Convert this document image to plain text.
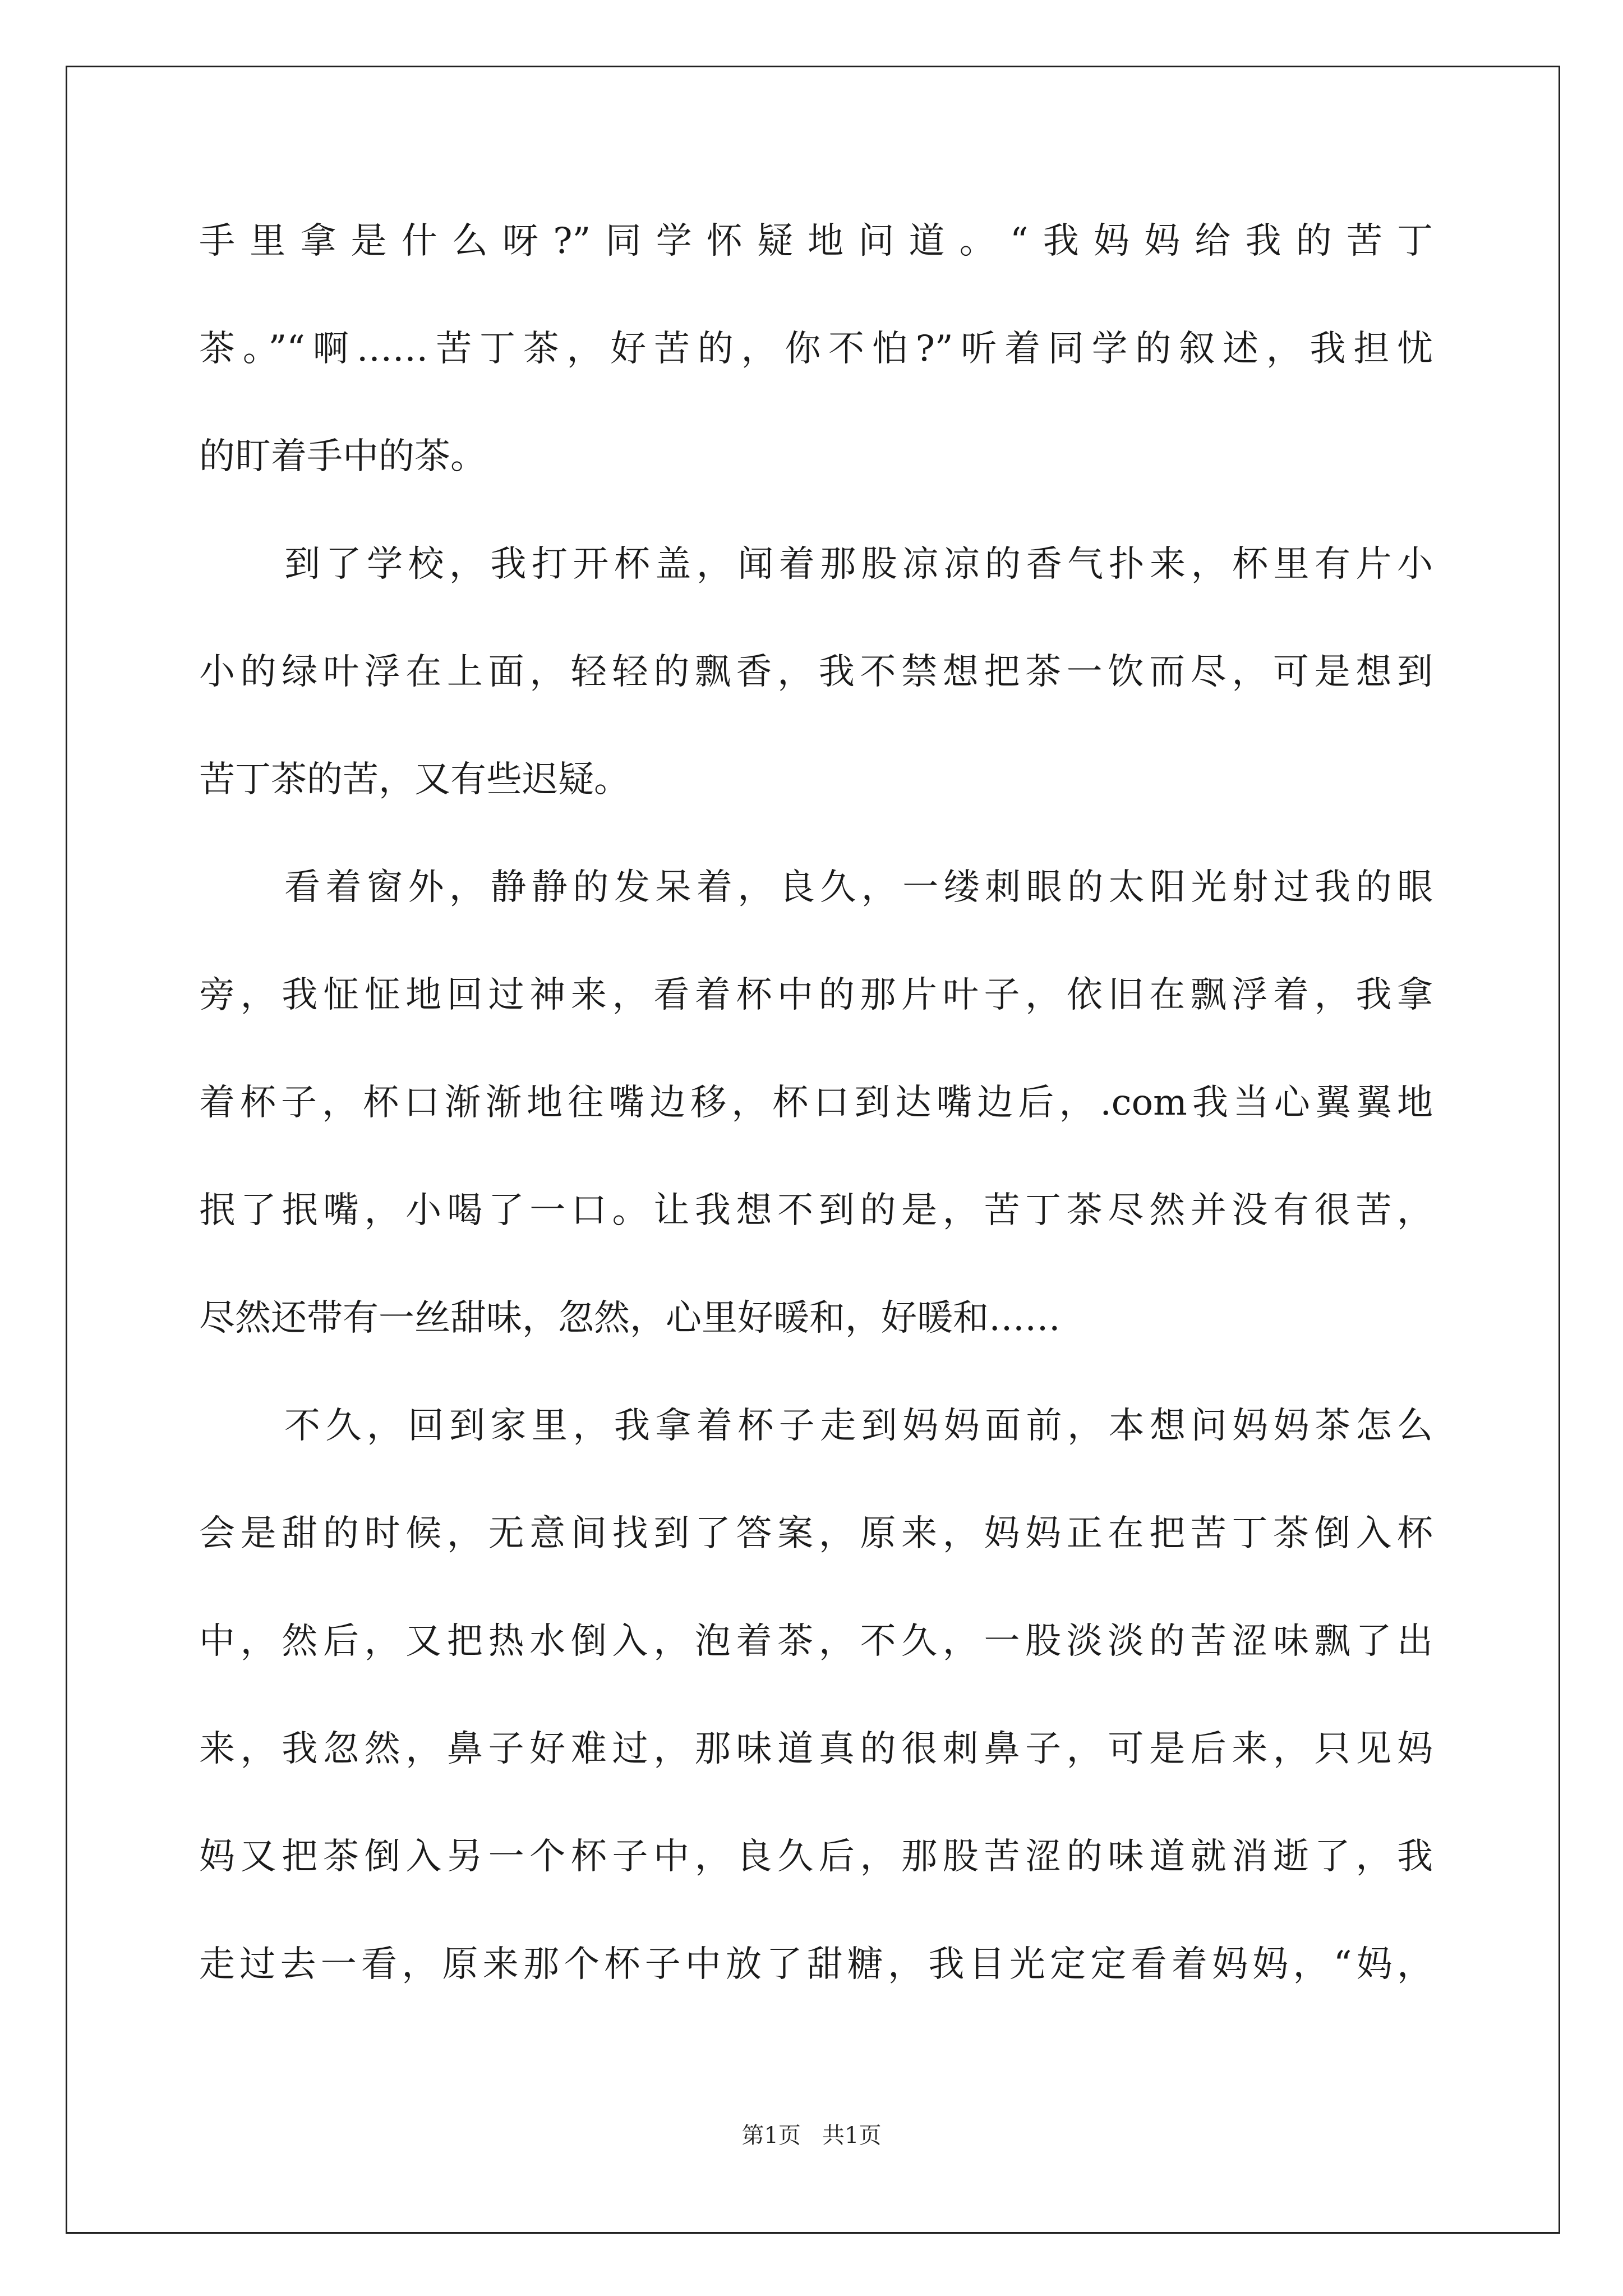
手里拿是什么呀?”同学怀疑地问道。“我妈妈给我的苦丁
茶。”“啊……苦丁茶，好苦的，你不怕?”听着同学的叙述，我担忧
的盯着手中的茶。
到了学校，我打开杯盖，闻着那股凉凉的香气扑来，杯里有片小
小的绿叶浮在上面，轻轻的飘香，我不禁想把茶一饮而尽，可是想到
苦丁茶的苦，又有些迟疑。
看着窗外，静静的发呆着，良久，一缕刺眼的太阳光射过我的眼
旁，我怔怔地回过神来，看着杯中的那片叶子，依旧在飘浮着，我拿
着杯子，杯口渐渐地往嘴边移，杯口到达嘴边后，.com我当心翼翼地
抿了抿嘴，小喝了一口。让我想不到的是，苦丁茶尽然并没有很苦，
尽然还带有一丝甜味，忽然，心里好暖和，好暖和……
不久，回到家里，我拿着杯子走到妈妈面前，本想问妈妈茶怎么
会是甜的时候，无意间找到了答案，原来，妈妈正在把苦丁茶倒入杯
中，然后，又把热水倒入，泡着茶，不久，一股淡淡的苦涩味飘了出
来，我忽然，鼻子好难过，那味道真的很刺鼻子，可是后来，只见妈
妈又把茶倒入另一个杯子中，良久后，那股苦涩的味道就消逝了，我
走过去一看，原来那个杯子中放了甜糖，我目光定定看着妈妈，“妈，
第1页   共1页
